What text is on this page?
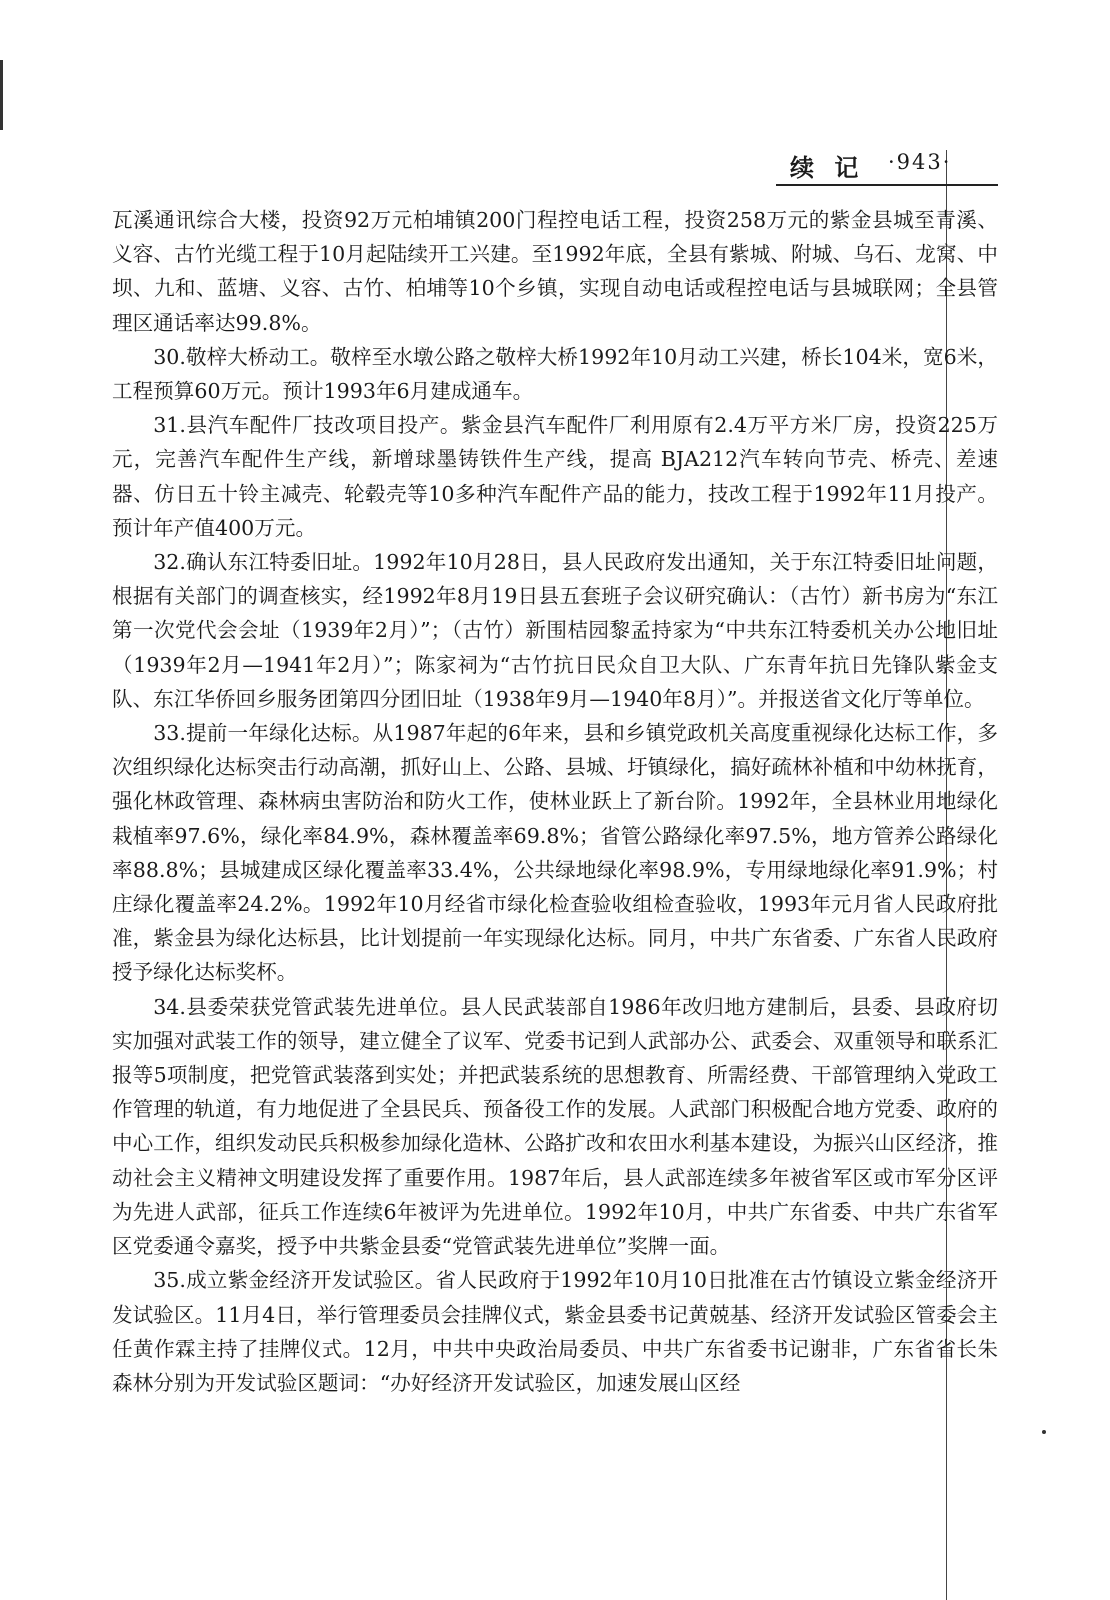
续 记 ·943·

瓦溪通讯综合大楼，投资92万元柏埔镇200门程控电话工程，投资258万元的紫金县城至青溪、义容、古竹光缆工程于10月起陆续开工兴建。至1992年底，全县有紫城、附城、乌石、龙窝、中坝、九和、蓝塘、义容、古竹、柏埔等10个乡镇，实现自动电话或程控电话与县城联网；全县管理区通话率达99.8%。

30.敬梓大桥动工。敬梓至水墩公路之敬梓大桥1992年10月动工兴建，桥长104米，宽6米，工程预算60万元。预计1993年6月建成通车。

31.县汽车配件厂技改项目投产。紫金县汽车配件厂利用原有2.4万平方米厂房，投资225万元，完善汽车配件生产线，新增球墨铸铁件生产线，提高 BJA212汽车转向节壳、桥壳、差速器、仿日五十铃主减壳、轮毂壳等10多种汽车配件产品的能力，技改工程于1992年11月投产。预计年产值400万元。

32.确认东江特委旧址。1992年10月28日，县人民政府发出通知，关于东江特委旧址问题，根据有关部门的调查核实，经1992年8月19日县五套班子会议研究确认：（古竹）新书房为“东江第一次党代会会址（1939年2月）”；（古竹）新围桔园黎孟持家为“中共东江特委机关办公地旧址（1939年2月—1941年2月）”；陈家祠为“古竹抗日民众自卫大队、广东青年抗日先锋队紫金支队、东江华侨回乡服务团第四分团旧址（1938年9月—1940年8月）”。并报送省文化厅等单位。

33.提前一年绿化达标。从1987年起的6年来，县和乡镇党政机关高度重视绿化达标工作，多次组织绿化达标突击行动高潮，抓好山上、公路、县城、圩镇绿化，搞好疏林补植和中幼林抚育，强化林政管理、森林病虫害防治和防火工作，使林业跃上了新台阶。1992年，全县林业用地绿化栽植率97.6%，绿化率84.9%，森林覆盖率69.8%；省管公路绿化率97.5%，地方管养公路绿化率88.8%；县城建成区绿化覆盖率33.4%，公共绿地绿化率98.9%，专用绿地绿化率91.9%；村庄绿化覆盖率24.2%。1992年10月经省市绿化检查验收组检查验收，1993年元月省人民政府批准，紫金县为绿化达标县，比计划提前一年实现绿化达标。同月，中共广东省委、广东省人民政府授予绿化达标奖杯。

34.县委荣获党管武装先进单位。县人民武装部自1986年改归地方建制后，县委、县政府切实加强对武装工作的领导，建立健全了议军、党委书记到人武部办公、武委会、双重领导和联系汇报等5项制度，把党管武装落到实处；并把武装系统的思想教育、所需经费、干部管理纳入党政工作管理的轨道，有力地促进了全县民兵、预备役工作的发展。人武部门积极配合地方党委、政府的中心工作，组织发动民兵积极参加绿化造林、公路扩改和农田水利基本建设，为振兴山区经济，推动社会主义精神文明建设发挥了重要作用。1987年后，县人武部连续多年被省军区或市军分区评为先进人武部，征兵工作连续6年被评为先进单位。1992年10月，中共广东省委、中共广东省军区党委通令嘉奖，授予中共紫金县委“党管武装先进单位”奖牌一面。

35.成立紫金经济开发试验区。省人民政府于1992年10月10日批准在古竹镇设立紫金经济开发试验区。11月4日，举行管理委员会挂牌仪式，紫金县委书记黄兢基、经济开发试验区管委会主任黄作霖主持了挂牌仪式。12月，中共中央政治局委员、中共广东省委书记谢非，广东省省长朱森林分别为开发试验区题词：“办好经济开发试验区，加速发展山区经
